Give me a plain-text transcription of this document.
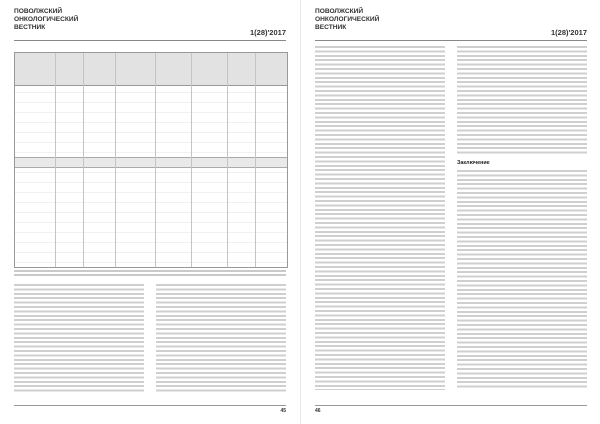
ПОВОЛЖСКИЙ
ОНКОЛОГИЧЕСКИЙ
ВЕСТНИК
1(28)'2017
45
ПОВОЛЖСКИЙ
ОНКОЛОГИЧЕСКИЙ
ВЕСТНИК
1(28)'2017
Заключение
46
